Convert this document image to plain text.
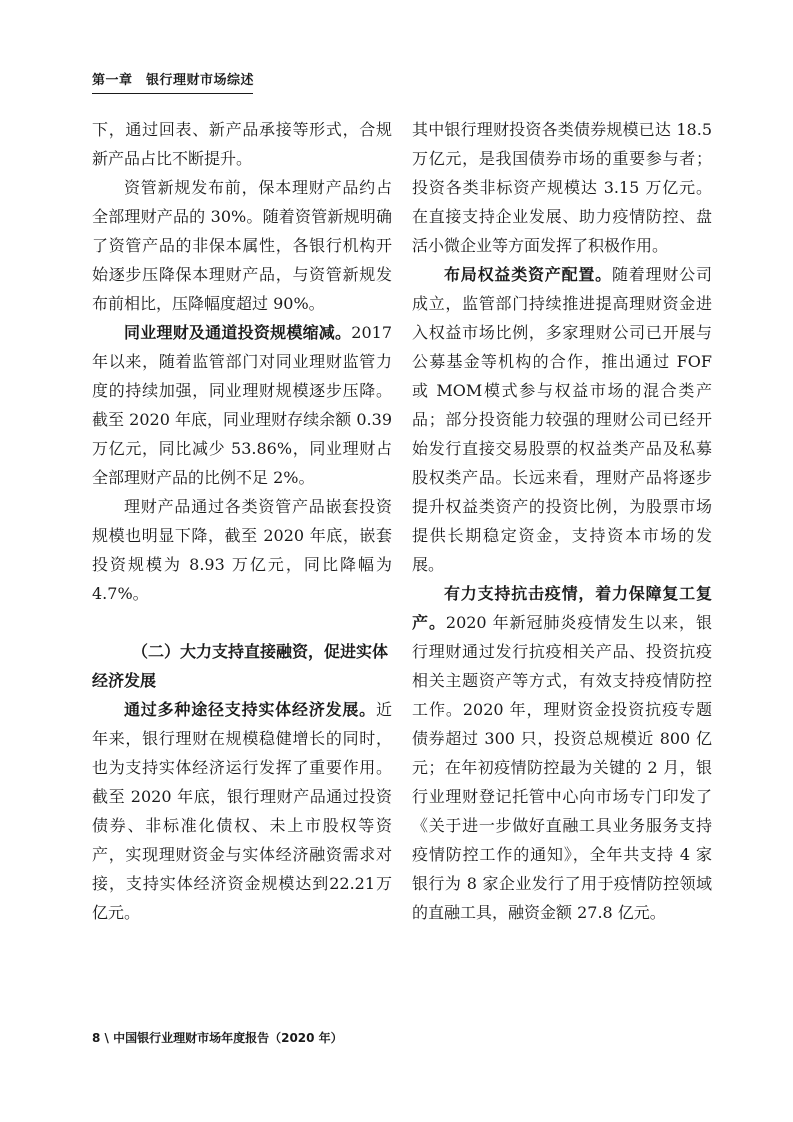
第一章　银行理财市场综述

下，通过回表、新产品承接等形式，合规新产品占比不断提升。

资管新规发布前，保本理财产品约占全部理财产品的 30%。随着资管新规明确了资管产品的非保本属性，各银行机构开始逐步压降保本理财产品，与资管新规发布前相比，压降幅度超过 90%。

同业理财及通道投资规模缩减。2017 年以来，随着监管部门对同业理财监管力度的持续加强，同业理财规模逐步压降。截至 2020 年底，同业理财存续余额 0.39 万亿元，同比减少 53.86%，同业理财占全部理财产品的比例不足 2%。

理财产品通过各类资管产品嵌套投资规模也明显下降，截至 2020 年底，嵌套投资规模为 8.93 万亿元，同比降幅为 4.7%。

（二）大力支持直接融资，促进实体经济发展

通过多种途径支持实体经济发展。近年来，银行理财在规模稳健增长的同时，也为支持实体经济运行发挥了重要作用。截至 2020 年底，银行理财产品通过投资债券、非标准化债权、未上市股权等资产，实现理财资金与实体经济融资需求对接，支持实体经济资金规模达到22.21万亿元。

其中银行理财投资各类债券规模已达 18.5 万亿元，是我国债券市场的重要参与者；投资各类非标资产规模达 3.15 万亿元。在直接支持企业发展、助力疫情防控、盘活小微企业等方面发挥了积极作用。

布局权益类资产配置。随着理财公司成立，监管部门持续推进提高理财资金进入权益市场比例，多家理财公司已开展与公募基金等机构的合作，推出通过 FOF 或 MOM模式参与权益市场的混合类产品；部分投资能力较强的理财公司已经开始发行直接交易股票的权益类产品及私募股权类产品。长远来看，理财产品将逐步提升权益类资产的投资比例，为股票市场提供长期稳定资金，支持资本市场的发展。

有力支持抗击疫情，着力保障复工复产。2020 年新冠肺炎疫情发生以来，银行理财通过发行抗疫相关产品、投资抗疫相关主题资产等方式，有效支持疫情防控工作。2020 年，理财资金投资抗疫专题债券超过 300 只，投资总规模近 800 亿元；在年初疫情防控最为关键的 2 月，银行业理财登记托管中心向市场专门印发了《关于进一步做好直融工具业务服务支持疫情防控工作的通知》，全年共支持 4 家银行为 8 家企业发行了用于疫情防控领域的直融工具，融资金额 27.8 亿元。

8 \ 中国银行业理财市场年度报告（2020 年）
